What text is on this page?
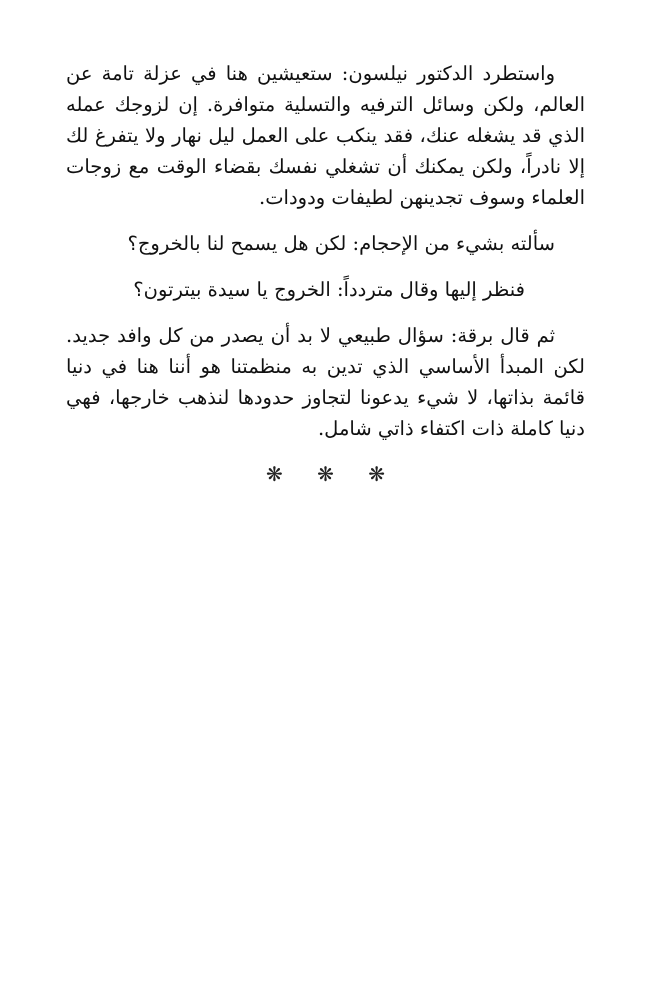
واستطرد الدكتور نيلسون: ستعيشين هنا في عزلة تامة عن العالم، ولكن وسائل الترفيه والتسلية متوافرة. إن لزوجك عمله الذي قد يشغله عنك، فقد ينكب على العمل ليل نهار ولا يتفرغ لك إلا نادراً، ولكن يمكنك أن تشغلي نفسك بقضاء الوقت مع زوجات العلماء وسوف تجدينهن لطيفات ودودات.

سألته بشيء من الإحجام: لكن هل يسمح لنا بالخروج؟

فنظر إليها وقال متردداً: الخروج يا سيدة بيترتون؟

ثم قال برقة: سؤال طبيعي لا بد أن يصدر من كل وافد جديد. لكن المبدأ الأساسي الذي تدين به منظمتنا هو أننا هنا في دنيا قائمة بذاتها، لا شيء يدعونا لتجاوز حدودها لنذهب خارجها، فهي دنيا كاملة ذات اكتفاء ذاتي شامل.

❋ ❋ ❋
